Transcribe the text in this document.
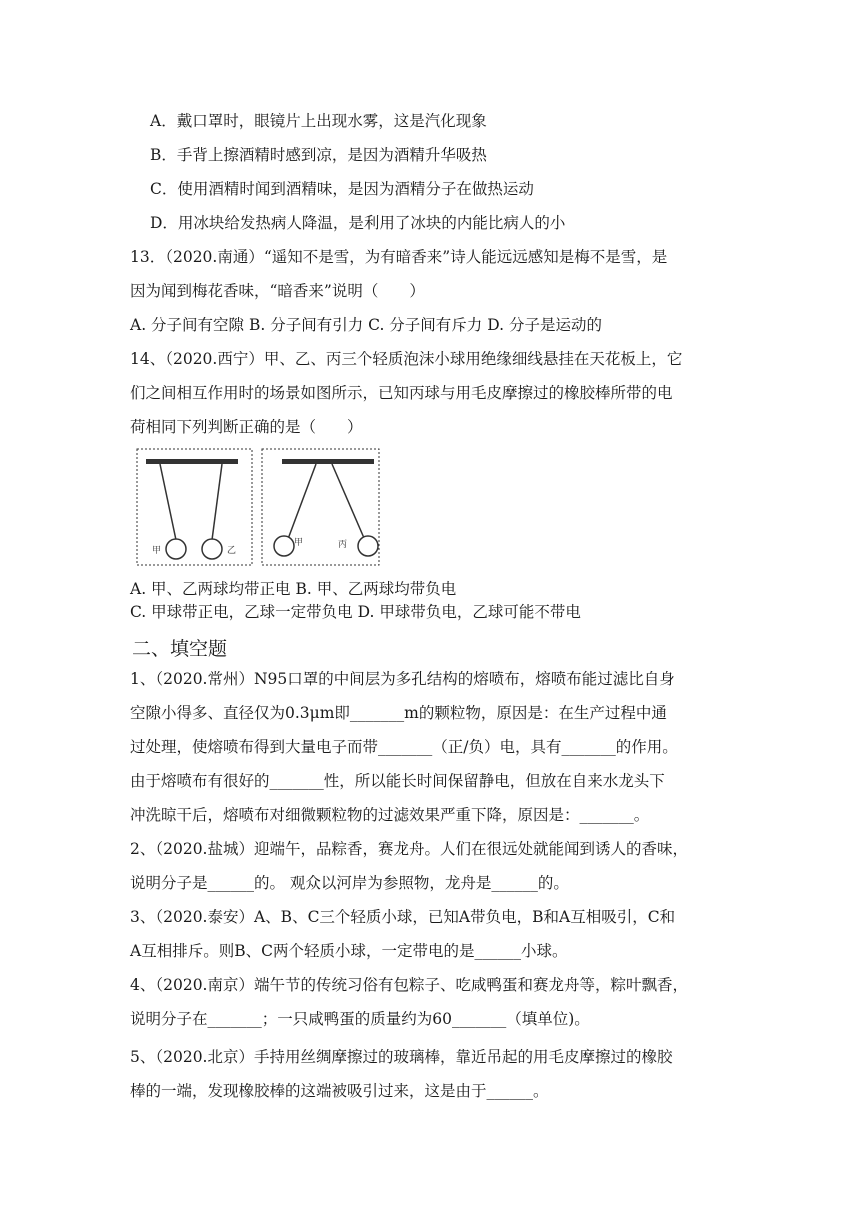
A．戴口罩时，眼镜片上出现水雾，这是汽化现象
B．手背上擦酒精时感到凉，是因为酒精升华吸热
C．使用酒精时闻到酒精味，是因为酒精分子在做热运动
D．用冰块给发热病人降温，是利用了冰块的内能比病人的小
13．（2020.南通）“遥知不是雪，为有暗香来”诗人能远远感知是梅不是雪，是
因为闻到梅花香味，“暗香来”说明（　　）
A. 分子间有空隙 B. 分子间有引力 C. 分子间有斥力 D. 分子是运动的
14、（2020.西宁）甲、乙、丙三个轻质泡沫小球用绝缘细线悬挂在天花板上，它
们之间相互作用时的场景如图所示，已知丙球与用毛皮摩擦过的橡胶棒所带的电
荷相同下列判断正确的是（　　）
甲	乙
甲	丙
A. 甲、乙两球均带正电 B. 甲、乙两球均带负电
C. 甲球带正电，乙球一定带负电 D. 甲球带负电，乙球可能不带电
二、填空题
1、（2020.常州）N95口罩的中间层为多孔结构的熔喷布，熔喷布能过滤比自身
空隙小得多、直径仅为0.3μm即_______m的颗粒物，原因是：在生产过程中通
过处理，使熔喷布得到大量电子而带_______（正/负）电，具有_______的作用。
由于熔喷布有很好的_______性，所以能长时间保留静电，但放在自来水龙头下
冲洗晾干后，熔喷布对细微颗粒物的过滤效果严重下降，原因是：_______。
2、（2020.盐城）迎端午，品粽香，赛龙舟。人们在很远处就能闻到诱人的香味，
说明分子是______的。 观众以河岸为参照物，龙舟是______的。
3、（2020.泰安）A、B、C三个轻质小球，已知A带负电，B和A互相吸引，C和
A互相排斥。则B、C两个轻质小球，一定带电的是______小球。
4、（2020.南京）端午节的传统习俗有包粽子、吃咸鸭蛋和赛龙舟等，粽叶飘香，
说明分子在_______；一只咸鸭蛋的质量约为60_______（填单位)。
5、（2020.北京）手持用丝绸摩擦过的玻璃棒，靠近吊起的用毛皮摩擦过的橡胶
棒的一端，发现橡胶棒的这端被吸引过来，这是由于______。
